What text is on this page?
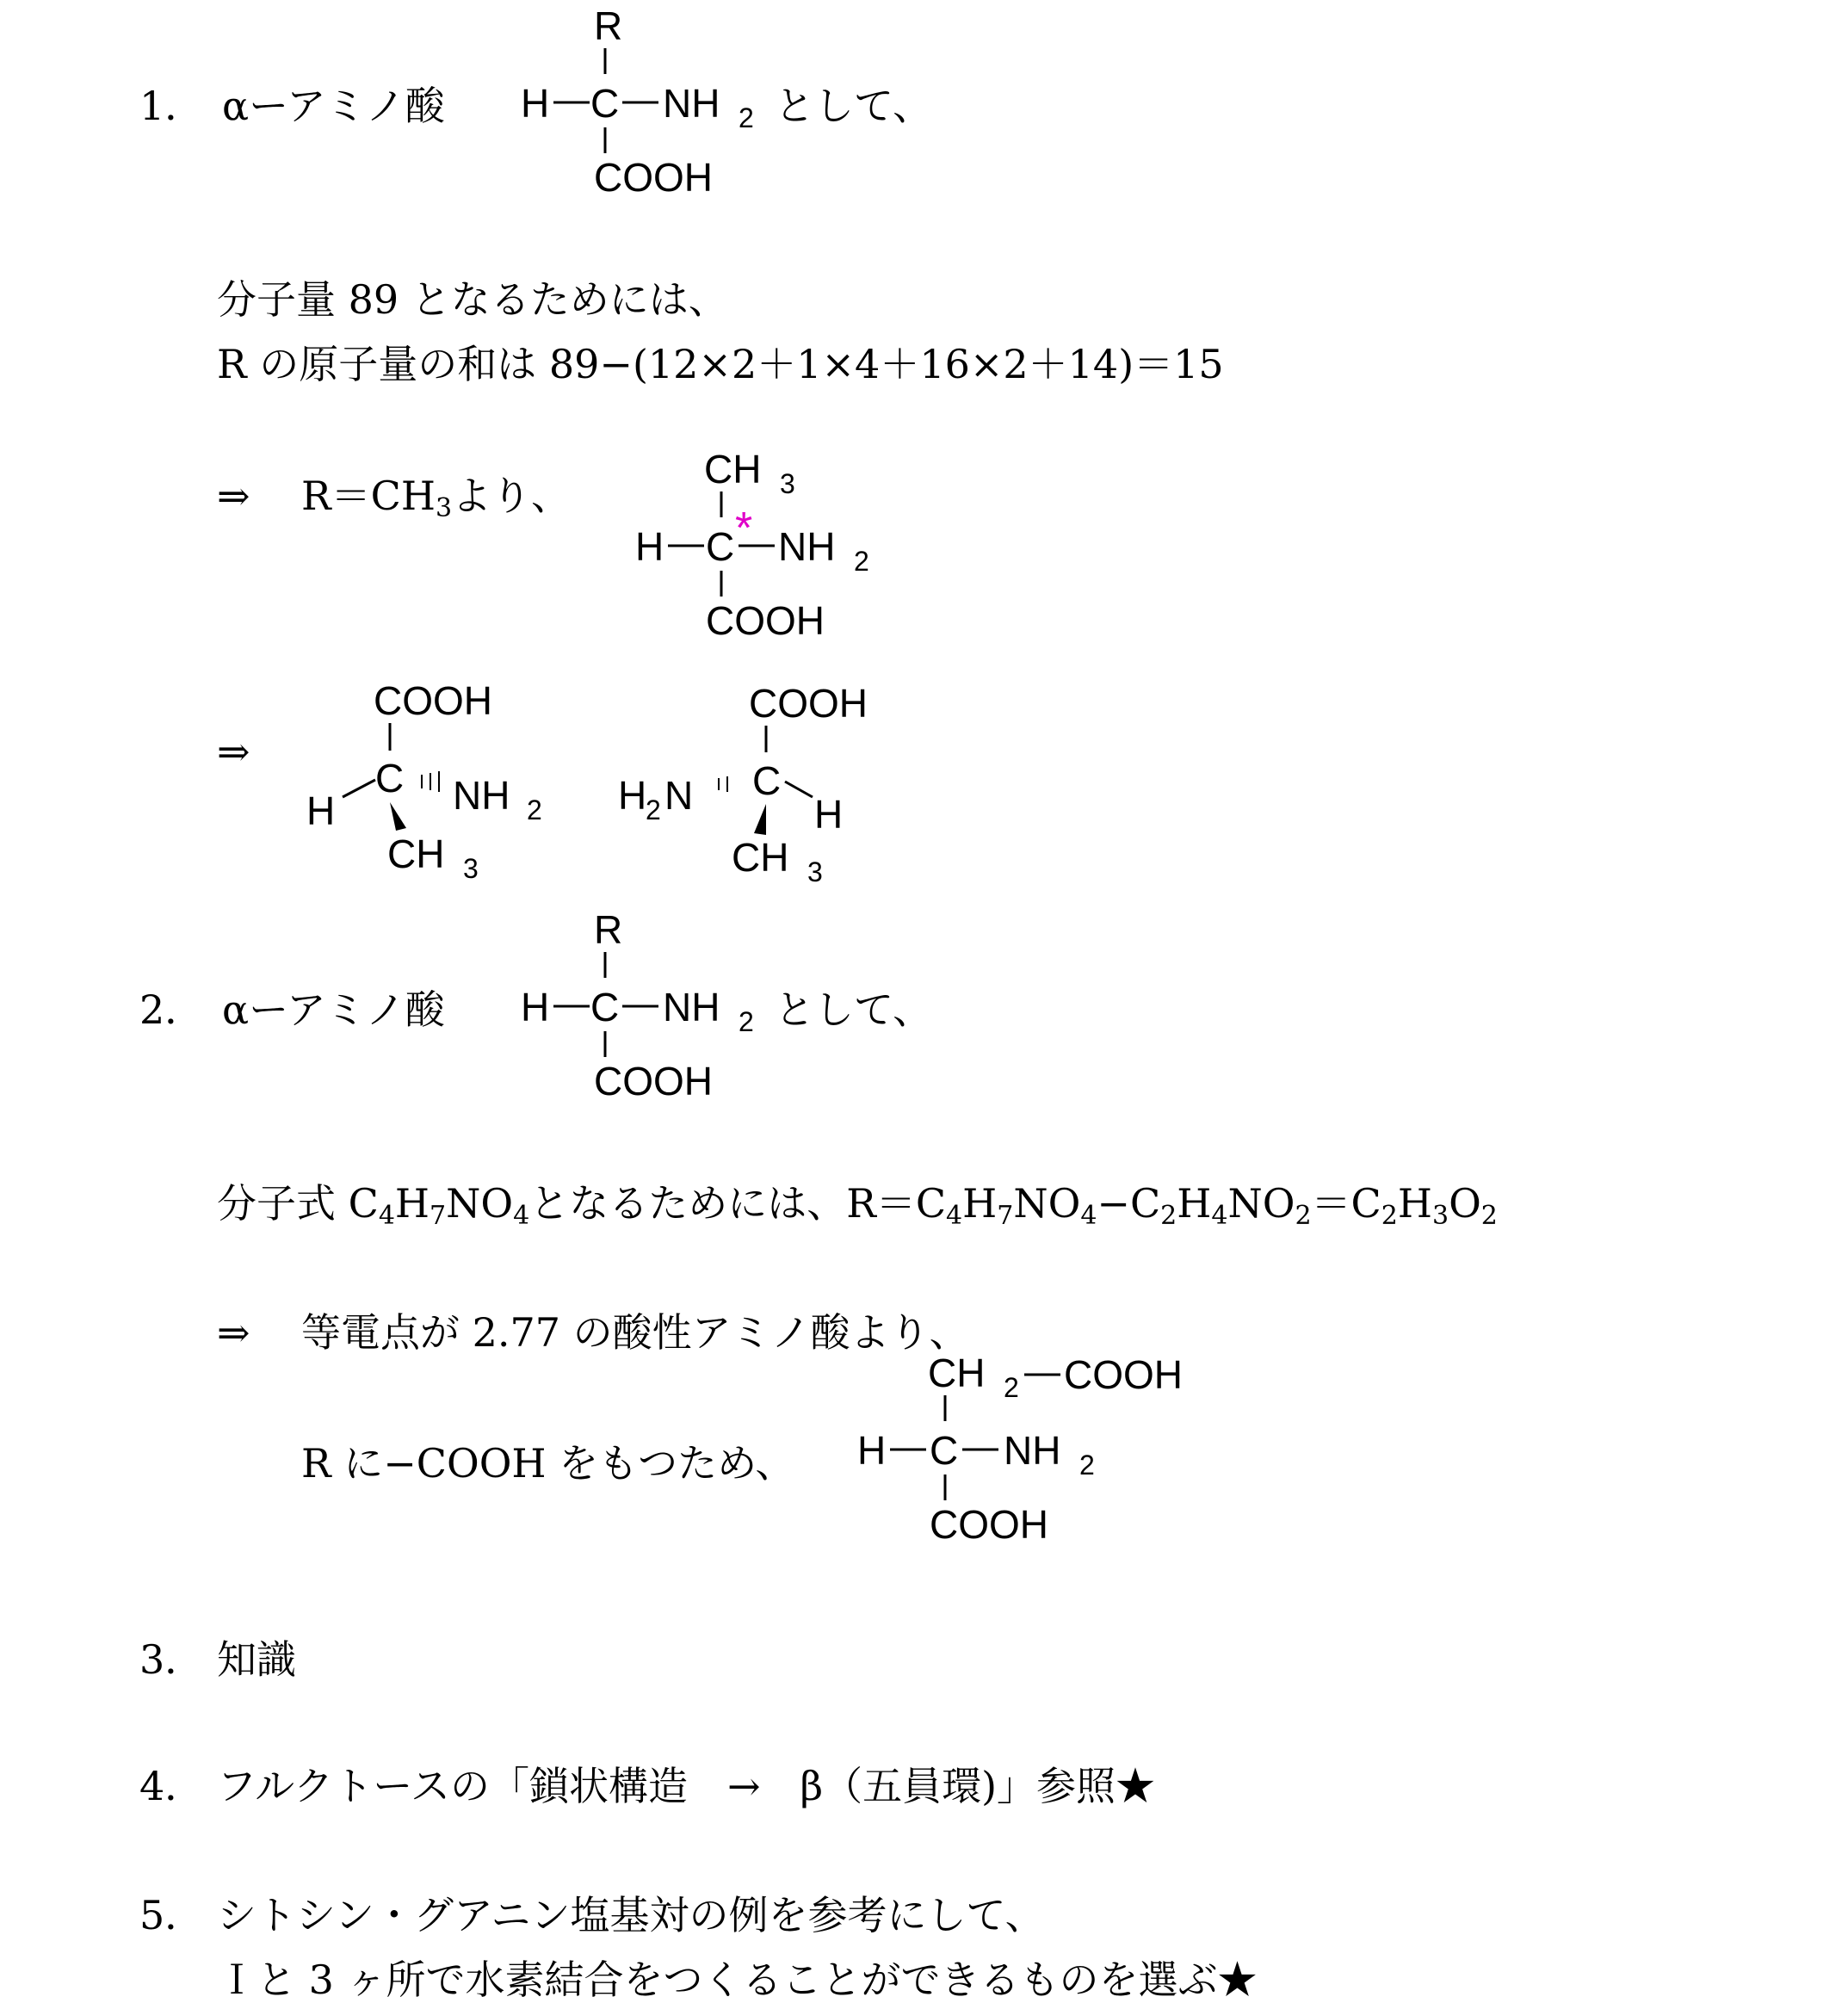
1． αーアミノ酸
R
H C NH 2
COOH
として、
分子量 89 となるためには、
R の原子量の和は 89−(12×2＋1×4＋16×2＋14)＝15
⇒ $R=CH_3$より、
CH 3
H C * NH 2
COOH
⇒
COOH
C
H	NH 2
CH 3
COOH
C
H
2 N	H
CH 3
2． αーアミノ酸
R
H C NH 2
COOH
として、
分子式 $C_4H_7NO_4$となるためには、$R=C_4H_7NO_4-C_2H_4NO_2=C_2H_3O_2$
⇒ 等電点が 2.77 の酸性アミノ酸より、
R に−COOH をもつため、
CH 2 COOH
H C NH 2
COOH
3． 知識
4． フルクトースの「鎖状構造　→　β（五員環)」参照★
5． シトシン・グアニン塩基対の例を参考にして、
Ｉと 3 ヶ所で水素結合をつくることができるものを選ぶ★
